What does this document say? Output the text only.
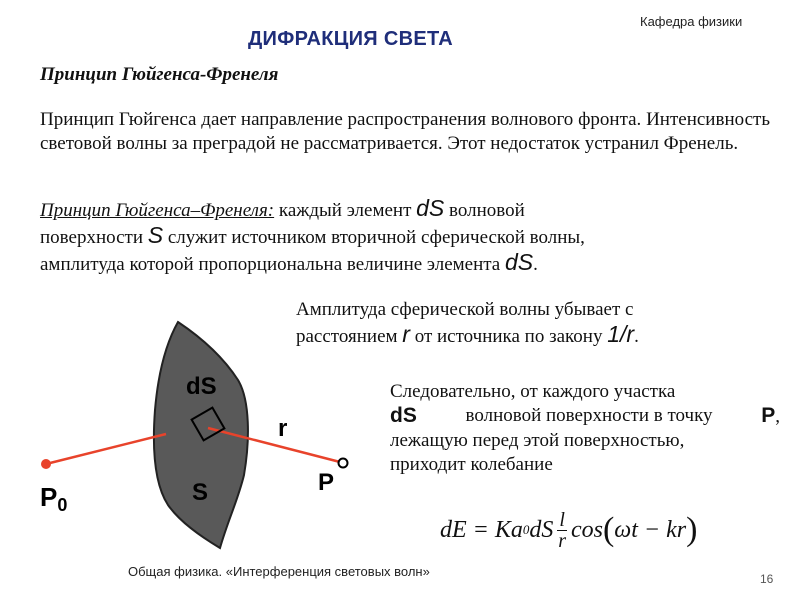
Кафедра физики
ДИФРАКЦИЯ СВЕТА
Принцип Гюйгенса-Френеля
Принцип Гюйгенса дает направление распространения волнового фронта. Интенсивность световой волны за преградой не рассматривается. Этот недостаток устранил Френель.
Принцип Гюйгенса–Френеля: каждый элемент dS волновой
поверхности S служит источником вторичной сферической волны,
амплитуда которой пропорциональна величине элемента dS.
Амплитуда сферической волны убывает с
расстоянием r от источника по закону 1/r.
Следовательно, от каждого участка
dS	волновой поверхности в точку P,
лежащую перед этой поверхностью,
приходит колебание
dE = Ka 0 dS $\frac{l}{r}$ cos ( ωt − kr )
dS
S
r
P
P0
Общая физика. «Интерференция световых волн»	16
